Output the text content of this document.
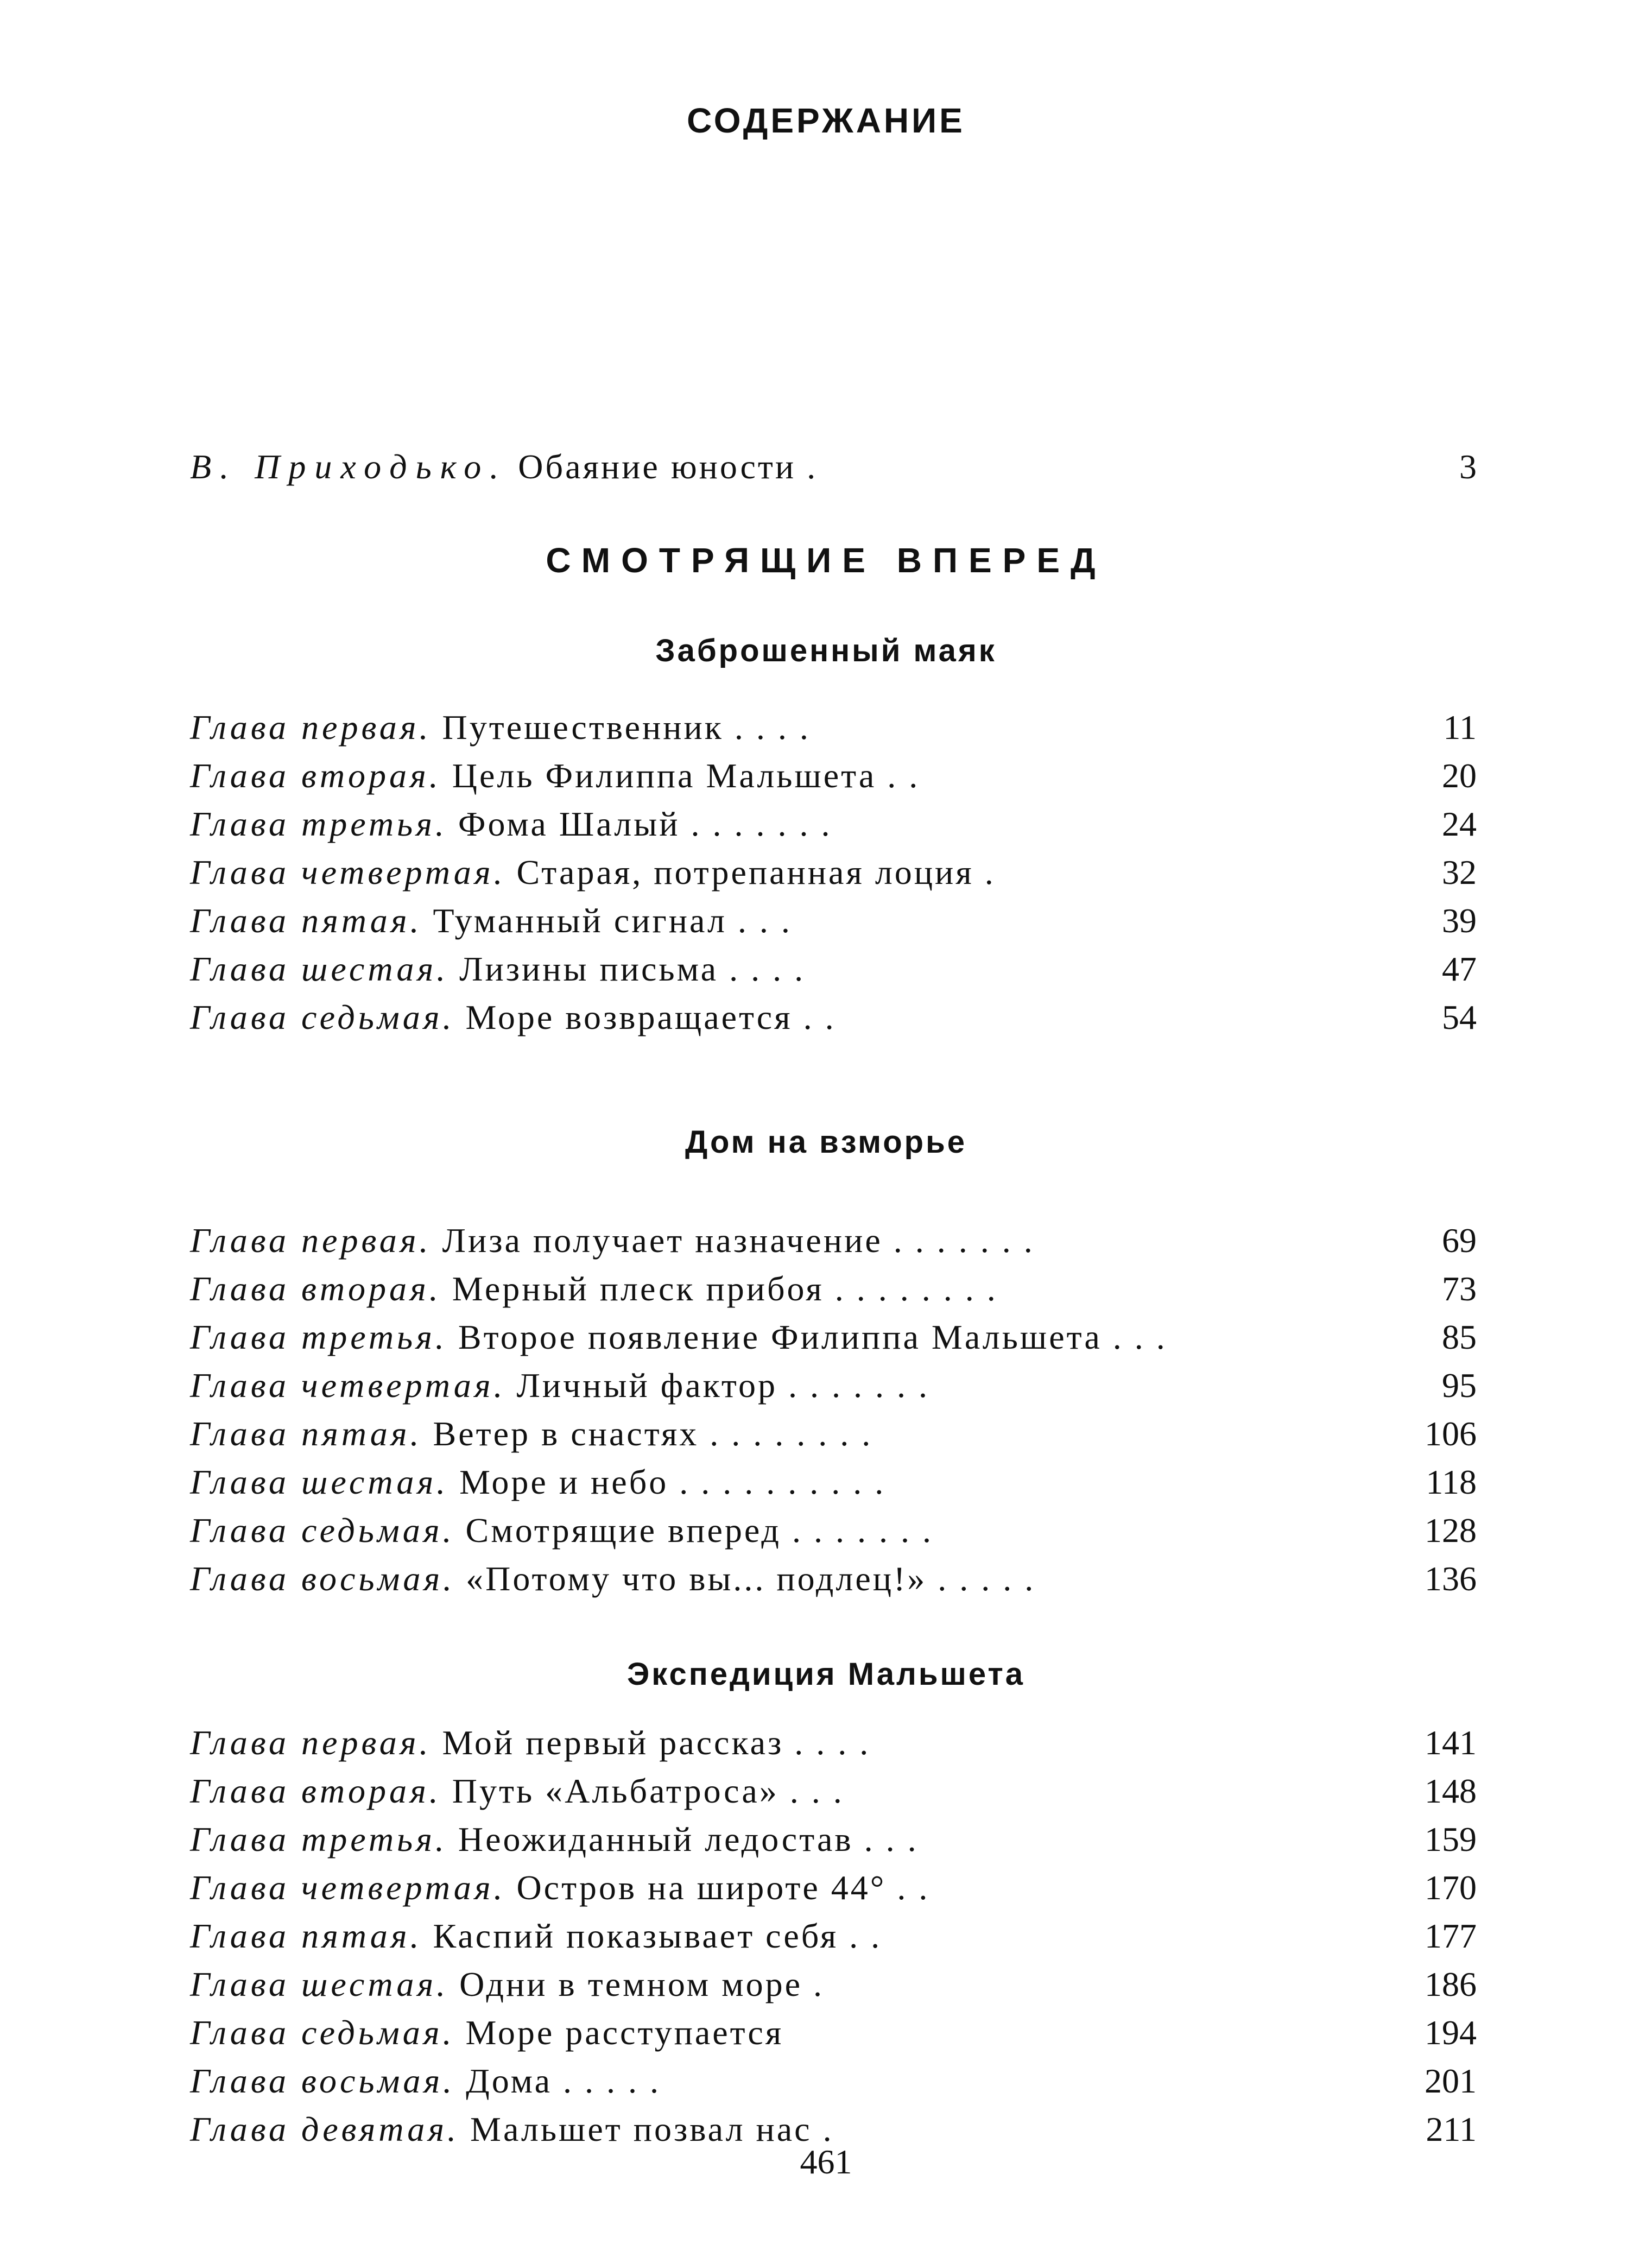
СОДЕРЖАНИЕ
В. Приходько. Обаяние юности .	3
СМОТРЯЩИЕ ВПЕРЕД
Заброшенный маяк
Глава первая. Путешественник . . . .	11
Глава вторая. Цель Филиппа Мальшета . .	20
Глава третья. Фома Шалый . . . . . . .	24
Глава четвертая. Старая, потрепанная лоция .	32
Глава пятая. Туманный сигнал . . .	39
Глава шестая. Лизины письма . . . .	47
Глава седьмая. Море возвращается . .	54
Дом на взморье
Глава первая. Лиза получает назначение . . . . . . .	69
Глава вторая. Мерный плеск прибоя . . . . . . . .	73
Глава третья. Второе появление Филиппа Мальшета . . .	85
Глава четвертая. Личный фактор . . . . . . .	95
Глава пятая. Ветер в снастях . . . . . . . .	106
Глава шестая. Море и небо . . . . . . . . . .	118
Глава седьмая. Смотрящие вперед . . . . . . .	128
Глава восьмая. «Потому что вы... подлец!» . . . . .	136
Экспедиция Мальшета
Глава первая. Мой первый рассказ . . . .	141
Глава вторая. Путь «Альбатроса» . . .	148
Глава третья. Неожиданный ледостав . . .	159
Глава четвертая. Остров на широте 44° . .	170
Глава пятая. Каспий показывает себя . .	177
Глава шестая. Одни в темном море .	186
Глава седьмая. Море расступается	194
Глава восьмая. Дома . . . . .	201
Глава девятая. Мальшет позвал нас .	211
461
